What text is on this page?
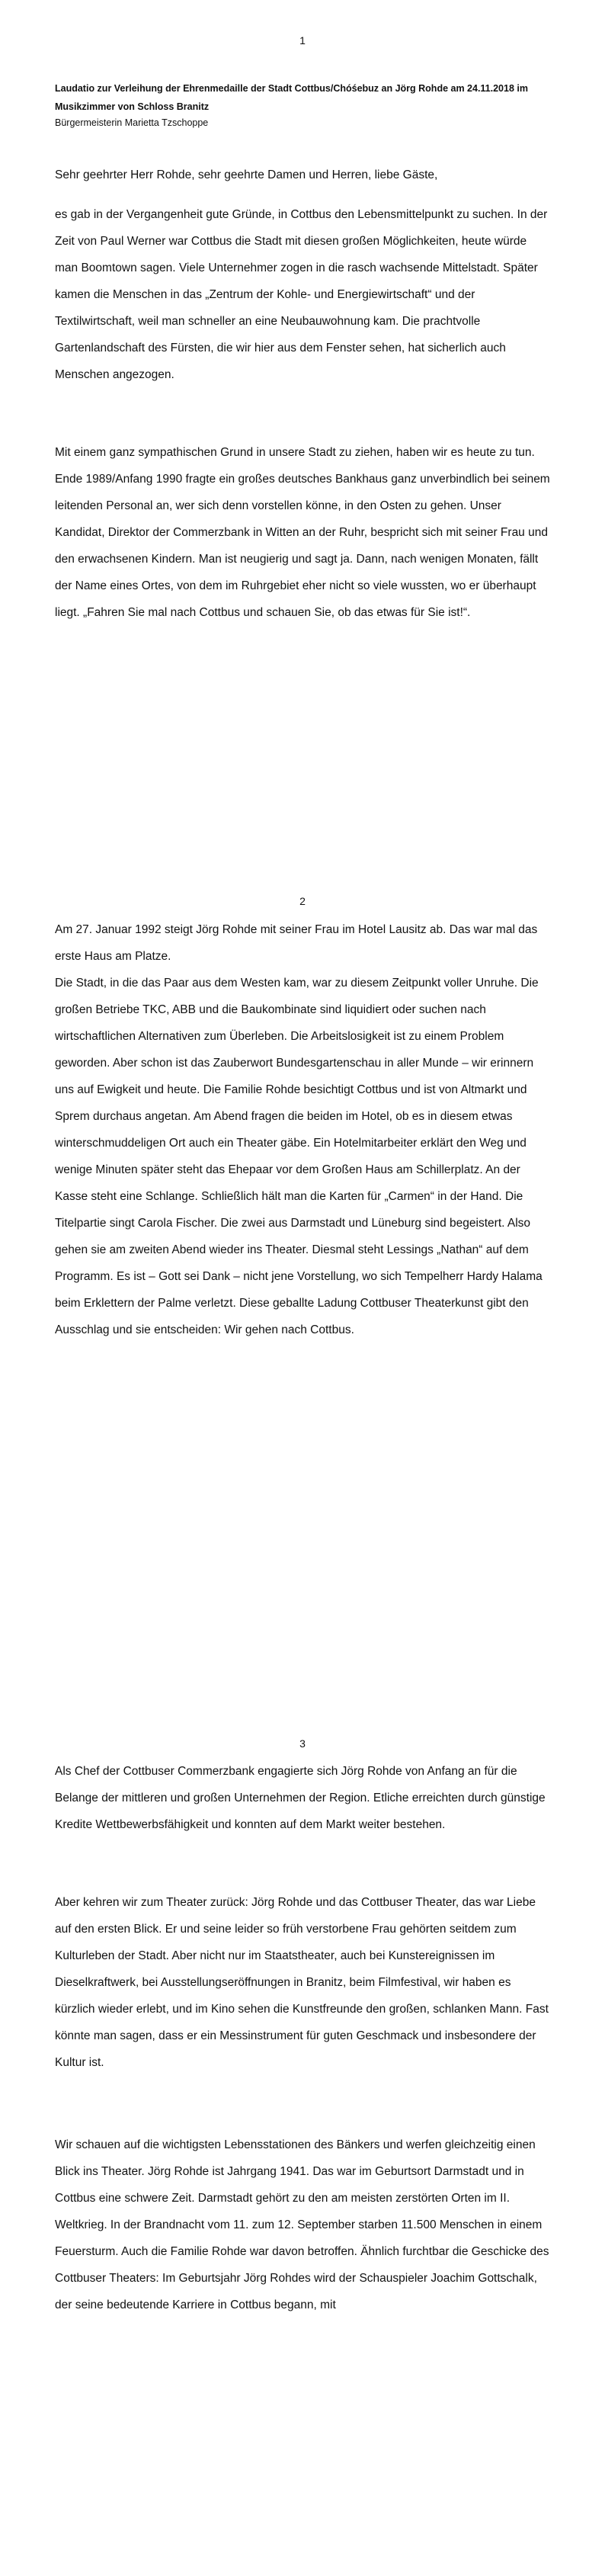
1

Laudatio zur Verleihung der Ehrenmedaille der Stadt Cottbus/Chóśebuz an Jörg Rohde am 24.11.2018 im Musikzimmer von Schloss Branitz

Bürgermeisterin Marietta Tzschoppe

Sehr geehrter Herr Rohde, sehr geehrte Damen und Herren, liebe Gäste,

es gab in der Vergangenheit gute Gründe, in Cottbus den Lebensmittelpunkt zu suchen. In der Zeit von Paul Werner war Cottbus die Stadt mit diesen großen Möglichkeiten, heute würde man Boomtown sagen. Viele Unternehmer zogen in die rasch wachsende Mittelstadt. Später kamen die Menschen in das „Zentrum der Kohle- und Energiewirtschaft“ und der Textilwirtschaft, weil man schneller an eine Neubauwohnung kam. Die prachtvolle Gartenlandschaft des Fürsten, die wir hier aus dem Fenster sehen, hat sicherlich auch Menschen angezogen.

Mit einem ganz sympathischen Grund in unsere Stadt zu ziehen, haben wir es heute zu tun. Ende 1989/Anfang 1990 fragte ein großes deutsches Bankhaus ganz unverbindlich bei seinem leitenden Personal an, wer sich denn vorstellen könne, in den Osten zu gehen. Unser Kandidat, Direktor der Commerzbank in Witten an der Ruhr, bespricht sich mit seiner Frau und den erwachsenen Kindern. Man ist neugierig und sagt ja. Dann, nach wenigen Monaten, fällt der Name eines Ortes, von dem im Ruhrgebiet eher nicht so viele wussten, wo er überhaupt liegt. „Fahren Sie mal nach Cottbus und schauen Sie, ob das etwas für Sie ist!“.

2

Am 27. Januar 1992 steigt Jörg Rohde mit seiner Frau im Hotel Lausitz ab. Das war mal das erste Haus am Platze.

Die Stadt, in die das Paar aus dem Westen kam, war zu diesem Zeitpunkt voller Unruhe. Die großen Betriebe TKC, ABB und die Baukombinate sind liquidiert oder suchen nach wirtschaftlichen Alternativen zum Überleben. Die Arbeitslosigkeit ist zu einem Problem geworden. Aber schon ist das Zauberwort Bundesgartenschau in aller Munde – wir erinnern uns auf Ewigkeit und heute. Die Familie Rohde besichtigt Cottbus und ist von Altmarkt und Sprem durchaus angetan. Am Abend fragen die beiden im Hotel, ob es in diesem etwas winterschmuddeligen Ort auch ein Theater gäbe. Ein Hotelmitarbeiter erklärt den Weg und wenige Minuten später steht das Ehepaar vor dem Großen Haus am Schillerplatz. An der Kasse steht eine Schlange. Schließlich hält man die Karten für „Carmen“ in der Hand. Die Titelpartie singt Carola Fischer. Die zwei aus Darmstadt und Lüneburg sind begeistert. Also gehen sie am zweiten Abend wieder ins Theater. Diesmal steht Lessings „Nathan“ auf dem Programm. Es ist – Gott sei Dank – nicht jene Vorstellung, wo sich Tempelherr Hardy Halama beim Erklettern der Palme verletzt. Diese geballte Ladung Cottbuser Theaterkunst gibt den Ausschlag und sie entscheiden: Wir gehen nach Cottbus.

3

Als Chef der Cottbuser Commerzbank engagierte sich Jörg Rohde von Anfang an für die Belange der mittleren und großen Unternehmen der Region. Etliche erreichten durch günstige Kredite Wettbewerbsfähigkeit und konnten auf dem Markt weiter bestehen.

Aber kehren wir zum Theater zurück: Jörg Rohde und das Cottbuser Theater, das war Liebe auf den ersten Blick. Er und seine leider so früh verstorbene Frau gehörten seitdem zum Kulturleben der Stadt. Aber nicht nur im Staatstheater, auch bei Kunstereignissen im Dieselkraftwerk, bei Ausstellungseröffnungen in Branitz, beim Filmfestival, wir haben es kürzlich wieder erlebt, und im Kino sehen die Kunstfreunde den großen, schlanken Mann. Fast könnte man sagen, dass er ein Messinstrument für guten Geschmack und insbesondere der Kultur ist.

Wir schauen auf die wichtigsten Lebensstationen des Bänkers und werfen gleichzeitig einen Blick ins Theater. Jörg Rohde ist Jahrgang 1941. Das war im Geburtsort Darmstadt und in Cottbus eine schwere Zeit. Darmstadt gehört zu den am meisten zerstörten Orten im II. Weltkrieg. In der Brandnacht vom 11. zum 12. September starben 11.500 Menschen in einem Feuersturm. Auch die Familie Rohde war davon betroffen. Ähnlich furchtbar die Geschicke des Cottbuser Theaters: Im Geburtsjahr Jörg Rohdes wird der Schauspieler Joachim Gottschalk, der seine bedeutende Karriere in Cottbus begann, mit
